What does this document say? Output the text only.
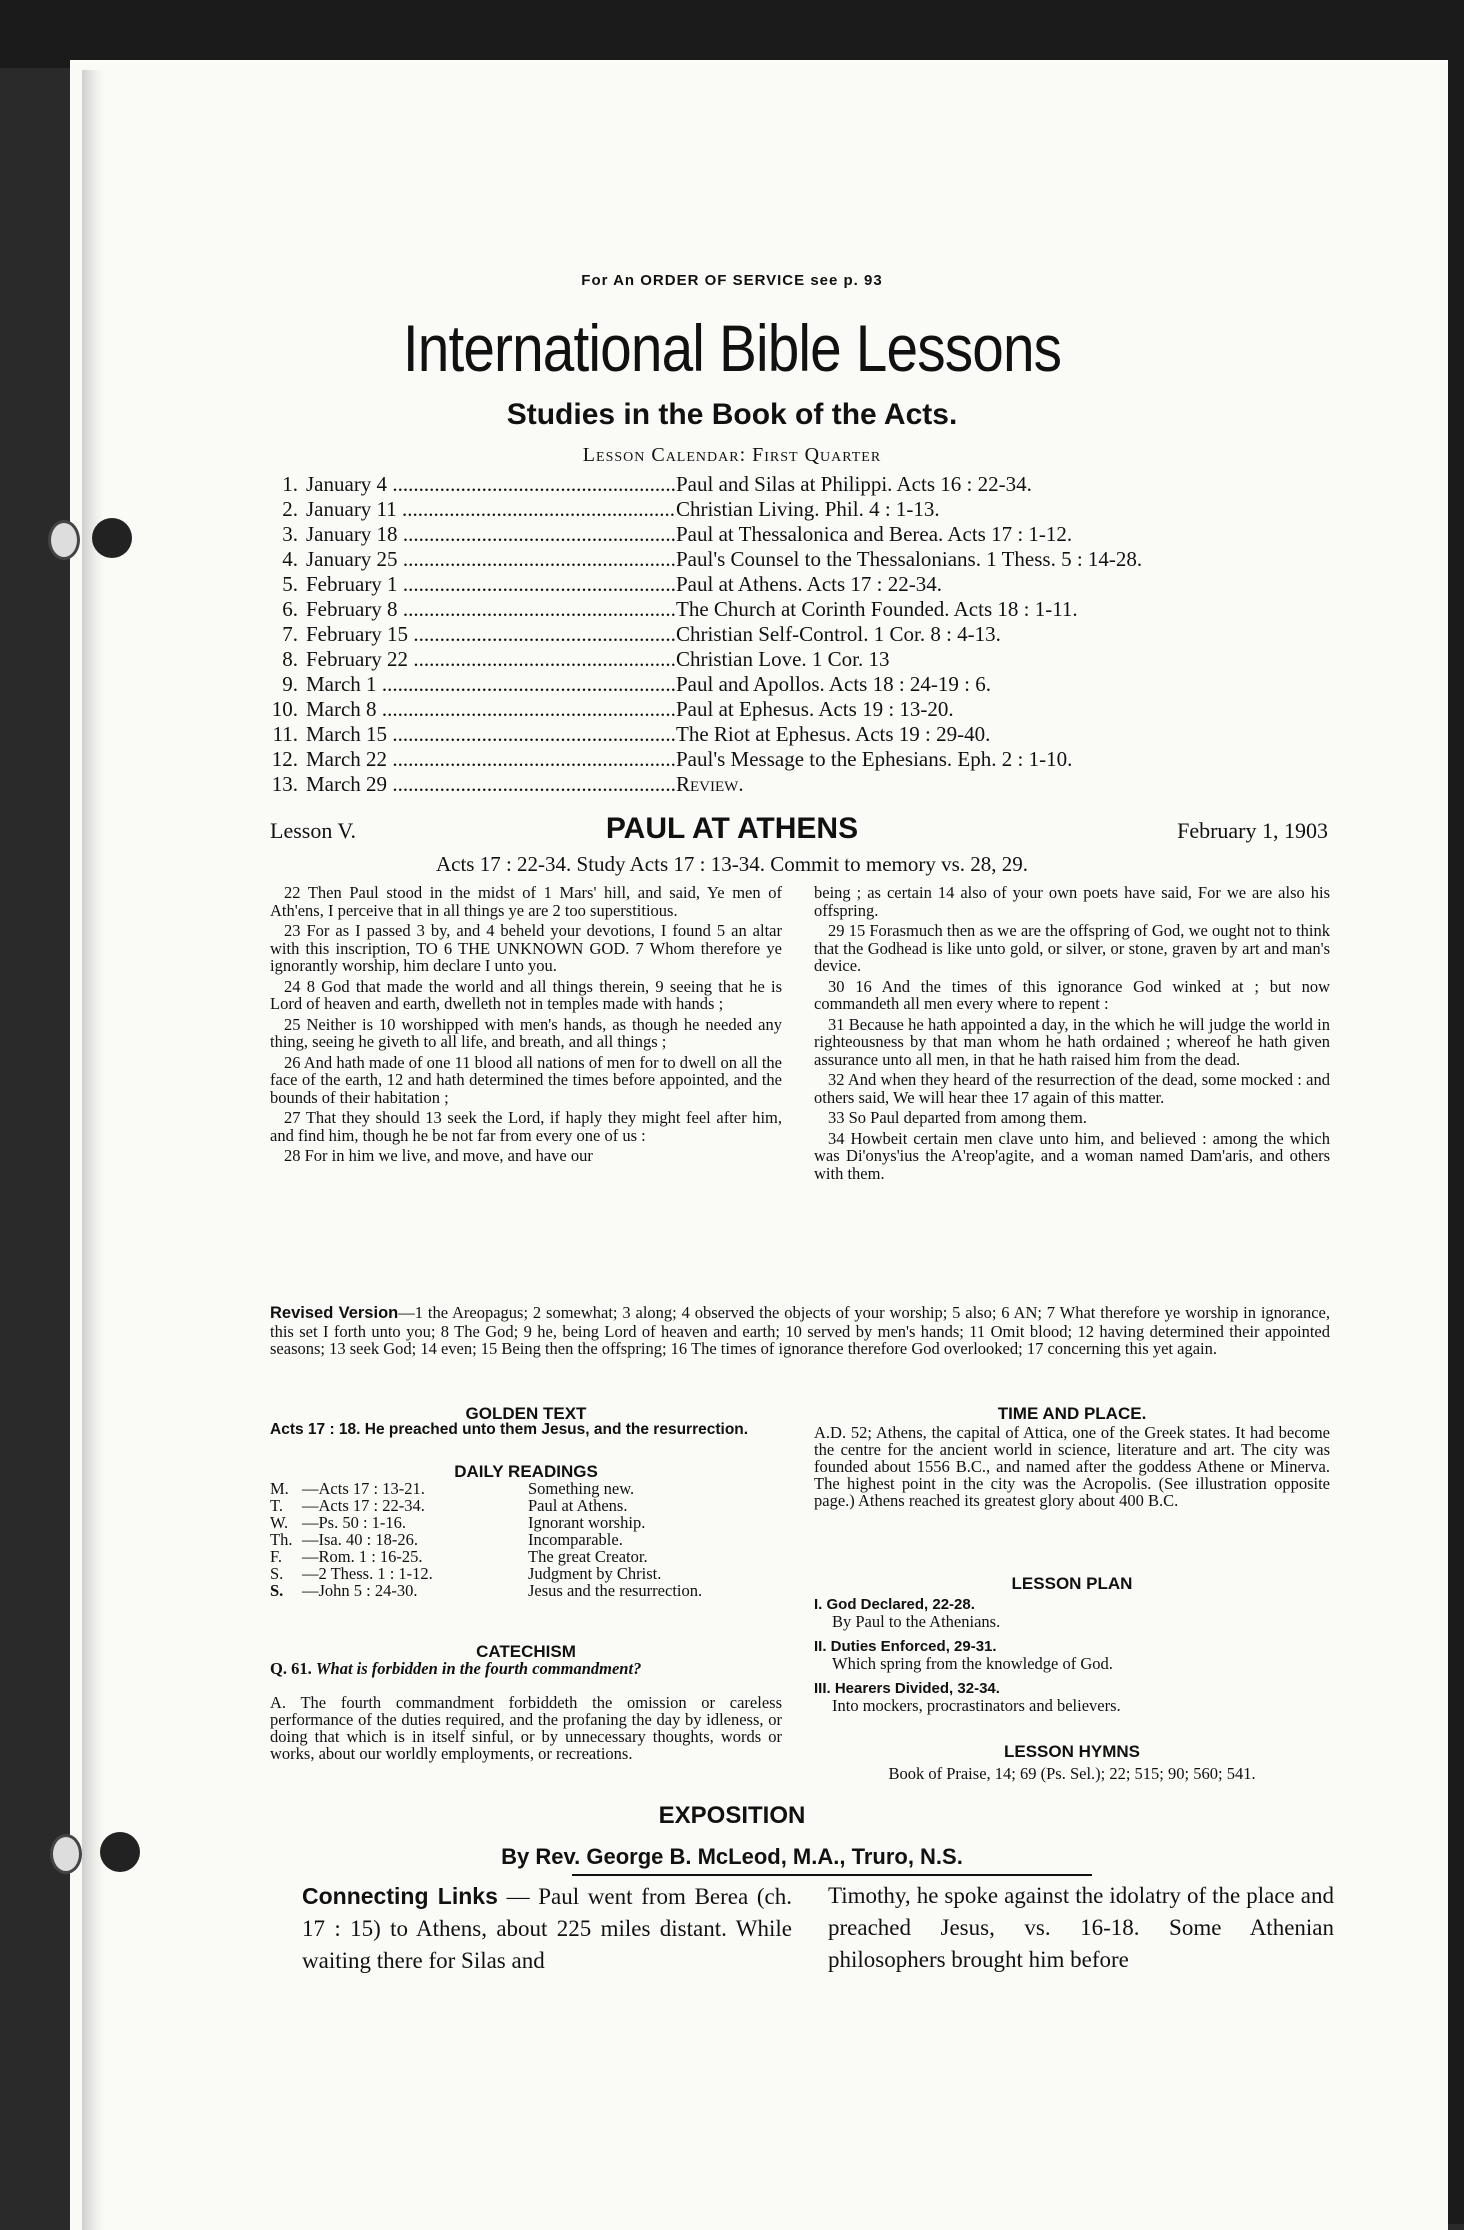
For An ORDER OF SERVICE see p. 93
International Bible Lessons
Studies in the Book of the Acts.
Lesson Calendar: First Quarter
1. January 4 .....	Paul and Silas at Philippi. Acts 16 : 22-34.
2. January 11 .....	Christian Living. Phil. 4 : 1-13.
3. January 18 .....	Paul at Thessalonica and Berea. Acts 17 : 1-12.
4. January 25 .....	Paul's Counsel to the Thessalonians. 1 Thess. 5 : 14-28.
5. February 1 .....	Paul at Athens. Acts 17 : 22-34.
6. February 8 .....	The Church at Corinth Founded. Acts 18 : 1-11.
7. February 15 .....	Christian Self-Control. 1 Cor. 8 : 4-13.
8. February 22 .....	Christian Love. 1 Cor. 13
9. March 1 .....	Paul and Apollos. Acts 18 : 24-19 : 6.
10. March 8 .....	Paul at Ephesus. Acts 19 : 13-20.
11. March 15 .....	The Riot at Ephesus. Acts 19 : 29-40.
12. March 22 .....	Paul's Message to the Ephesians. Eph. 2 : 1-10.
13. March 29 .....	Review.
Lesson V.	PAUL AT ATHENS	February 1, 1903
Acts 17 : 22-34. Study Acts 17 : 13-34. Commit to memory vs. 28, 29.

22 Then Paul stood in the midst of 1 Mars' hill, and said, Ye men of Ath'ens, I perceive that in all things ye are 2 too superstitious.

23 For as I passed 3 by, and 4 beheld your devotions, I found 5 an altar with this inscription, TO 6 THE UNKNOWN GOD. 7 Whom therefore ye ignorantly worship, him declare I unto you.

24 8 God that made the world and all things therein, 9 seeing that he is Lord of heaven and earth, dwelleth not in temples made with hands ;

25 Neither is 10 worshipped with men's hands, as though he needed any thing, seeing he giveth to all life, and breath, and all things ;

26 And hath made of one 11 blood all nations of men for to dwell on all the face of the earth, 12 and hath determined the times before appointed, and the bounds of their habitation ;

27 That they should 13 seek the Lord, if haply they might feel after him, and find him, though he be not far from every one of us :

28 For in him we live, and move, and have our

being ; as certain 14 also of your own poets have said, For we are also his offspring.

29 15 Forasmuch then as we are the offspring of God, we ought not to think that the Godhead is like unto gold, or silver, or stone, graven by art and man's device.

30 16 And the times of this ignorance God winked at ; but now commandeth all men every where to repent :

31 Because he hath appointed a day, in the which he will judge the world in righteousness by that man whom he hath ordained ; whereof he hath given assurance unto all men, in that he hath raised him from the dead.

32 And when they heard of the resurrection of the dead, some mocked : and others said, We will hear thee 17 again of this matter.

33 So Paul departed from among them.

34 Howbeit certain men clave unto him, and believed : among the which was Di'onys'ius the A'reop'agite, and a woman named Dam'aris, and others with them.

Revised Version—1 the Areopagus; 2 somewhat; 3 along; 4 observed the objects of your worship; 5 also; 6 AN; 7 What therefore ye worship in ignorance, this set I forth unto you; 8 The God; 9 he, being Lord of heaven and earth; 10 served by men's hands; 11 Omit blood; 12 having determined their appointed seasons; 13 seek God; 14 even; 15 Being then the offspring; 16 The times of ignorance therefore God overlooked; 17 concerning this yet again.
GOLDEN TEXT
Acts 17 : 18. He preached unto them Jesus, and the resurrection.
DAILY READINGS
M. —Acts 17 : 13-21.	Something new.
T.	—Acts 17 : 22-34.	Paul at Athens.
W. —Ps. 50 : 1-16.	Ignorant worship.
Th. —Isa. 40 : 18-26.	Incomparable.
F.	—Rom. 1 : 16-25.	The great Creator.
S.	—2 Thess. 1 : 1-12.	Judgment by Christ.
S.	—John 5 : 24-30.	Jesus and the resurrection.
CATECHISM
Q. 61. What is forbidden in the fourth commandment?
A. The fourth commandment forbiddeth the omission or careless performance of the duties required, and the profaning the day by idleness, or doing that which is in itself sinful, or by unnecessary thoughts, words or works, about our worldly employments, or recreations.
TIME AND PLACE.
A.D. 52; Athens, the capital of Attica, one of the Greek states. It had become the centre for the ancient world in science, literature and art. The city was founded about 1556 B.C., and named after the goddess Athene or Minerva. The highest point in the city was the Acropolis. (See illustration opposite page.) Athens reached its greatest glory about 400 B.C.
LESSON PLAN
I. God Declared, 22-28.
By Paul to the Athenians.
II. Duties Enforced, 29-31.
Which spring from the knowledge of God.
III. Hearers Divided, 32-34.
Into mockers, procrastinators and believers.
LESSON HYMNS
Book of Praise, 14; 69 (Ps. Sel.); 22; 515; 90; 560; 541.
EXPOSITION
By Rev. George B. McLeod, M.A., Truro, N.S.
Connecting Links — Paul went from Berea (ch. 17 : 15) to Athens, about 225 miles distant. While waiting there for Silas and
Timothy, he spoke against the idolatry of the place and preached Jesus, vs. 16-18. Some Athenian philosophers brought him before
